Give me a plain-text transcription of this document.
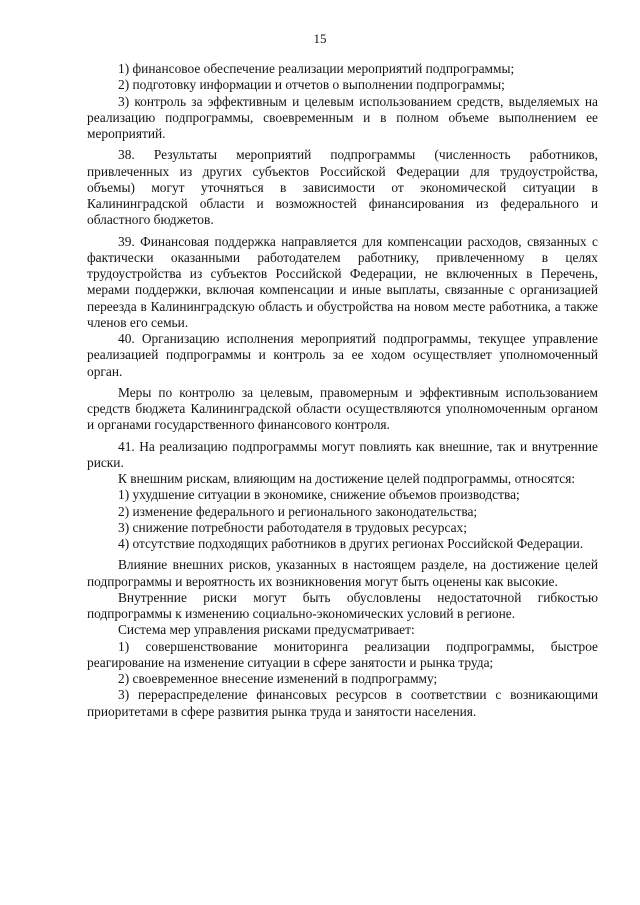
15

1) финансовое обеспечение реализации мероприятий подпрограммы;

2) подготовку информации и отчетов о выполнении подпрограммы;

3) контроль за эффективным и целевым использованием средств, выделяемых на реализацию подпрограммы, своевременным и в полном объеме выполнением ее мероприятий.

38. Результаты мероприятий подпрограммы (численность работников, привлеченных из других субъектов Российской Федерации для трудоустройства, объемы) могут уточняться в зависимости от экономической ситуации в Калининградской области и возможностей финансирования из федерального и областного бюджетов.

39. Финансовая поддержка направляется для компенсации расходов, связанных с фактически оказанными работодателем работнику, привлеченному в целях трудоустройства из субъектов Российской Федерации, не включенных в Перечень, мерами поддержки, включая компенсации и иные выплаты, связанные с организацией переезда в Калининградскую область и обустройства на новом месте работника, а также членов его семьи.

40. Организацию исполнения мероприятий подпрограммы, текущее управление реализацией подпрограммы и контроль за ее ходом осуществляет уполномоченный орган.

Меры по контролю за целевым, правомерным и эффективным использованием средств бюджета Калининградской области осуществляются уполномоченным органом и органами государственного финансового контроля.

41. На реализацию подпрограммы могут повлиять как внешние, так и внутренние риски.

К внешним рискам, влияющим на достижение целей подпрограммы, относятся:

1) ухудшение ситуации в экономике, снижение объемов производства;

2) изменение федерального и регионального законодательства;

3) снижение потребности работодателя в трудовых ресурсах;

4) отсутствие подходящих работников в других регионах Российской Федерации.

Влияние внешних рисков, указанных в настоящем разделе, на достижение целей подпрограммы и вероятность их возникновения могут быть оценены как высокие.

Внутренние риски могут быть обусловлены недостаточной гибкостью подпрограммы к изменению социально-экономических условий в регионе.

Система мер управления рисками предусматривает:

1) совершенствование мониторинга реализации подпрограммы, быстрое реагирование на изменение ситуации в сфере занятости и рынка труда;

2) своевременное внесение изменений в подпрограмму;

3) перераспределение финансовых ресурсов в соответствии с возникающими приоритетами в сфере развития рынка труда и занятости населения.
